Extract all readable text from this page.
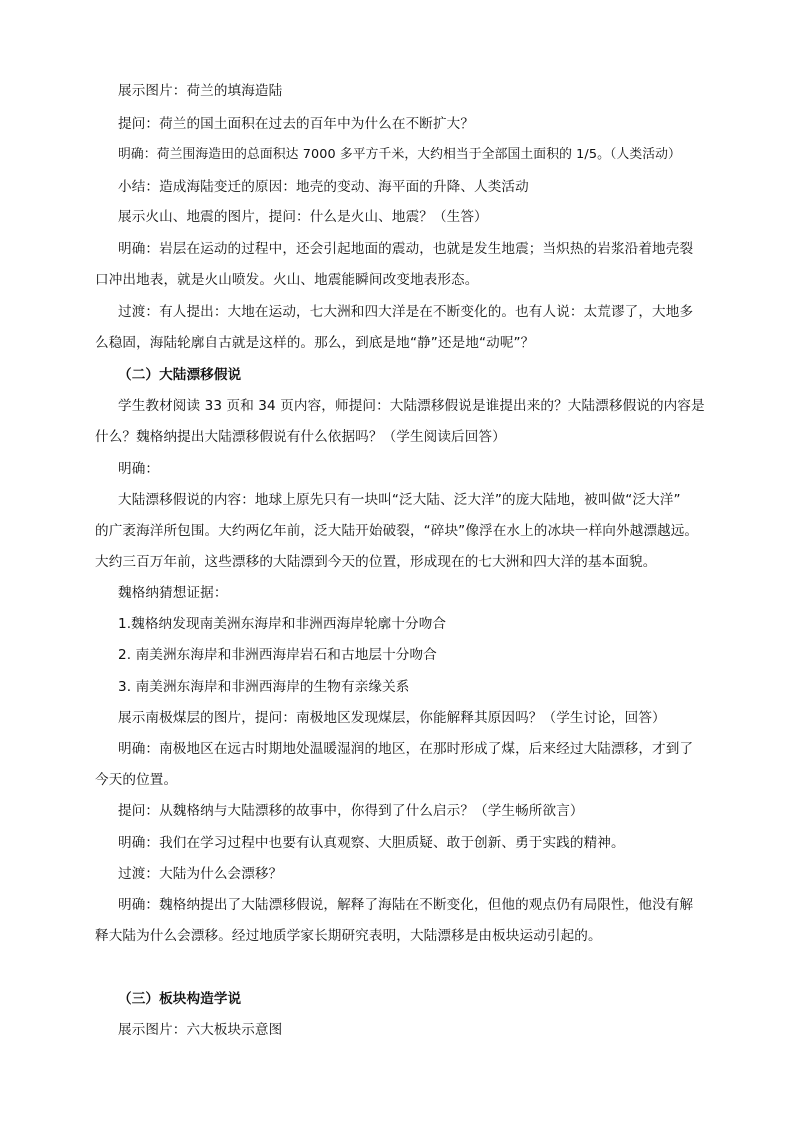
展示图片：荷兰的填海造陆
提问：荷兰的国土面积在过去的百年中为什么在不断扩大？
明确：荷兰围海造田的总面积达 7000 多平方千米，大约相当于全部国土面积的 1/5。（人类活动）
小结：造成海陆变迁的原因：地壳的变动、海平面的升降、人类活动
展示火山、地震的图片，提问：什么是火山、地震？（生答）
明确：岩层在运动的过程中，还会引起地面的震动，也就是发生地震；当炽热的岩浆沿着地壳裂
口冲出地表，就是火山喷发。火山、地震能瞬间改变地表形态。
过渡：有人提出：大地在运动，七大洲和四大洋是在不断变化的。也有人说：太荒谬了，大地多
么稳固，海陆轮廓自古就是这样的。那么，到底是地“静”还是地“动呢”？
（二）大陆漂移假说
学生教材阅读 33 页和 34 页内容，师提问：大陆漂移假说是谁提出来的？大陆漂移假说的内容是
什么？魏格纳提出大陆漂移假说有什么依据吗？（学生阅读后回答）
明确：
大陆漂移假说的内容：地球上原先只有一块叫“泛大陆、泛大洋”的庞大陆地，被叫做“泛大洋”
的广袤海洋所包围。大约两亿年前，泛大陆开始破裂，“碎块”像浮在水上的冰块一样向外越漂越远。
大约三百万年前，这些漂移的大陆漂到今天的位置，形成现在的七大洲和四大洋的基本面貌。
魏格纳猜想证据：
1.魏格纳发现南美洲东海岸和非洲西海岸轮廓十分吻合
2. 南美洲东海岸和非洲西海岸岩石和古地层十分吻合
3. 南美洲东海岸和非洲西海岸的生物有亲缘关系
展示南极煤层的图片，提问：南极地区发现煤层，你能解释其原因吗？（学生讨论，回答）
明确：南极地区在远古时期地处温暖湿润的地区，在那时形成了煤，后来经过大陆漂移，才到了
今天的位置。
提问：从魏格纳与大陆漂移的故事中，你得到了什么启示？（学生畅所欲言）
明确：我们在学习过程中也要有认真观察、大胆质疑、敢于创新、勇于实践的精神。
过渡：大陆为什么会漂移？
明确：魏格纳提出了大陆漂移假说，解释了海陆在不断变化，但他的观点仍有局限性，他没有解
释大陆为什么会漂移。经过地质学家长期研究表明，大陆漂移是由板块运动引起的。
（三）板块构造学说
展示图片：六大板块示意图
